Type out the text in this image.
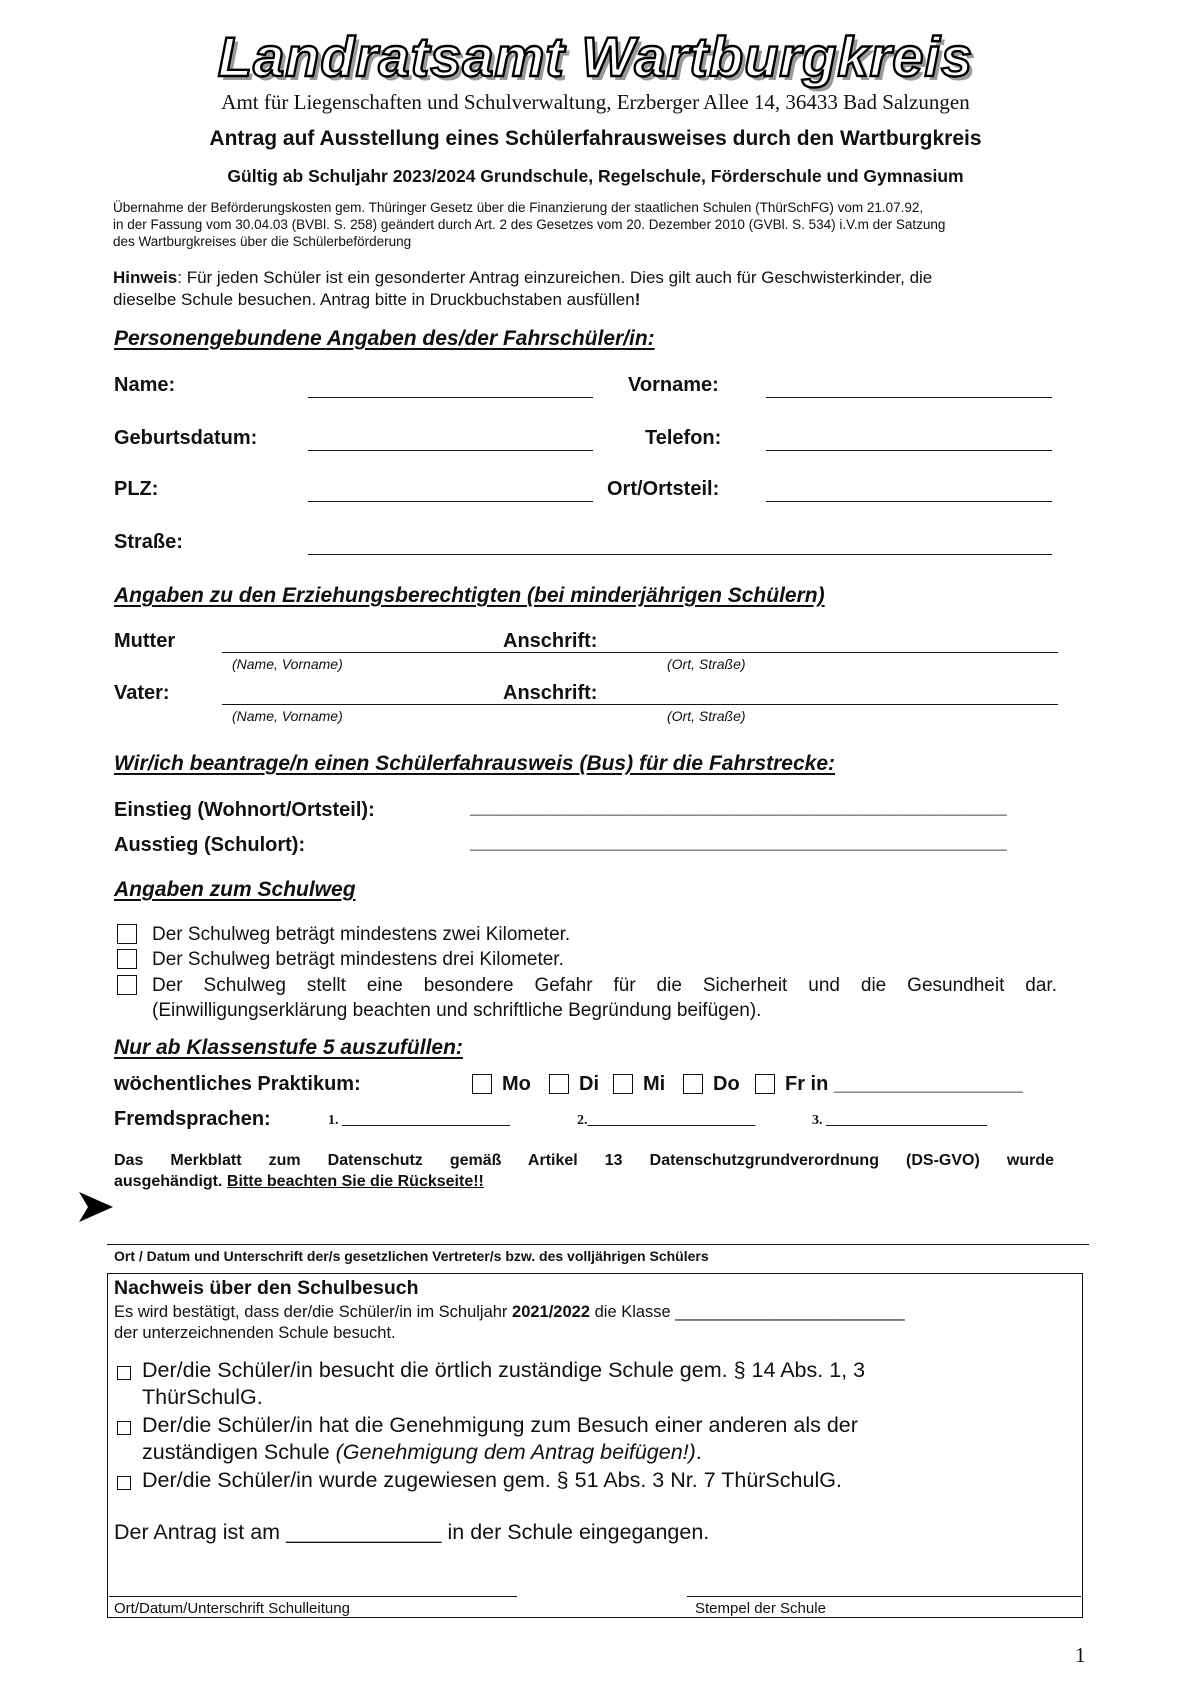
Landratsamt Wartburgkreis
Amt für Liegenschaften und Schulverwaltung, Erzberger Allee 14, 36433 Bad Salzungen
Antrag auf Ausstellung eines Schülerfahrausweises durch den Wartburgkreis
Gültig ab Schuljahr 2023/2024 Grundschule, Regelschule, Förderschule und Gymnasium
Übernahme der Beförderungskosten gem. Thüringer Gesetz über die Finanzierung der staatlichen Schulen (ThürSchFG) vom 21.07.92,
in der Fassung vom 30.04.03 (BVBl. S. 258) geändert durch Art. 2 des Gesetzes vom 20. Dezember 2010 (GVBl. S. 534) i.V.m der Satzung
des Wartburgkreises über die Schülerbeförderung
Hinweis: Für jeden Schüler ist ein gesonderter Antrag einzureichen. Dies gilt auch für Geschwisterkinder, die
dieselbe Schule besuchen. Antrag bitte in Druckbuchstaben ausfüllen!
Personengebundene Angaben des/der Fahrschüler/in:
Name:	Vorname:
Geburtsdatum:	Telefon:
PLZ:	Ort/Ortsteil:
Straße:
Angaben zu den Erziehungsberechtigten (bei minderjährigen Schülern)
Mutter	Anschrift:
(Name, Vorname)	(Ort, Straße)
Vater:	Anschrift:
(Name, Vorname)	(Ort, Straße)
Wir/ich beantrage/n einen Schülerfahrausweis (Bus) für die Fahrstrecke:
Einstieg (Wohnort/Ortsteil):	_______________________________________________
Ausstieg (Schulort):	_______________________________________________
Angaben zum Schulweg
Der Schulweg beträgt mindestens zwei Kilometer.
Der Schulweg beträgt mindestens drei Kilometer.
Der Schulweg stellt eine besondere Gefahr für die Sicherheit und die Gesundheit dar.
(Einwilligungserklärung beachten und schriftliche Begründung beifügen).
Nur ab Klassenstufe 5 auszufüllen:
wöchentliches Praktikum:	Mo Di Mi Do Fr in _________________
Fremdsprachen:	1. ________________________	2.________________________	3. _______________________
Das Merkblatt zum Datenschutz gemäß Artikel 13 Datenschutzgrundverordnung (DS-GVO) wurde
ausgehändigt. Bitte beachten Sie die Rückseite!!
Ort / Datum und Unterschrift der/s gesetzlichen Vertreter/s bzw. des volljährigen Schülers
Nachweis über den Schulbesuch
Es wird bestätigt, dass der/die Schüler/in im Schuljahr 2021/2022 die Klasse _________________________
der unterzeichnenden Schule besucht.
Der/die Schüler/in besucht die örtlich zuständige Schule gem. § 14 Abs. 1, 3
ThürSchulG.
Der/die Schüler/in hat die Genehmigung zum Besuch einer anderen als der
zuständigen Schule (Genehmigung dem Antrag beifügen!).
Der/die Schüler/in wurde zugewiesen gem. § 51 Abs. 3 Nr. 7 ThürSchulG.
Der Antrag ist am _____________ in der Schule eingegangen.
Ort/Datum/Unterschrift Schulleitung	Stempel der Schule
1
